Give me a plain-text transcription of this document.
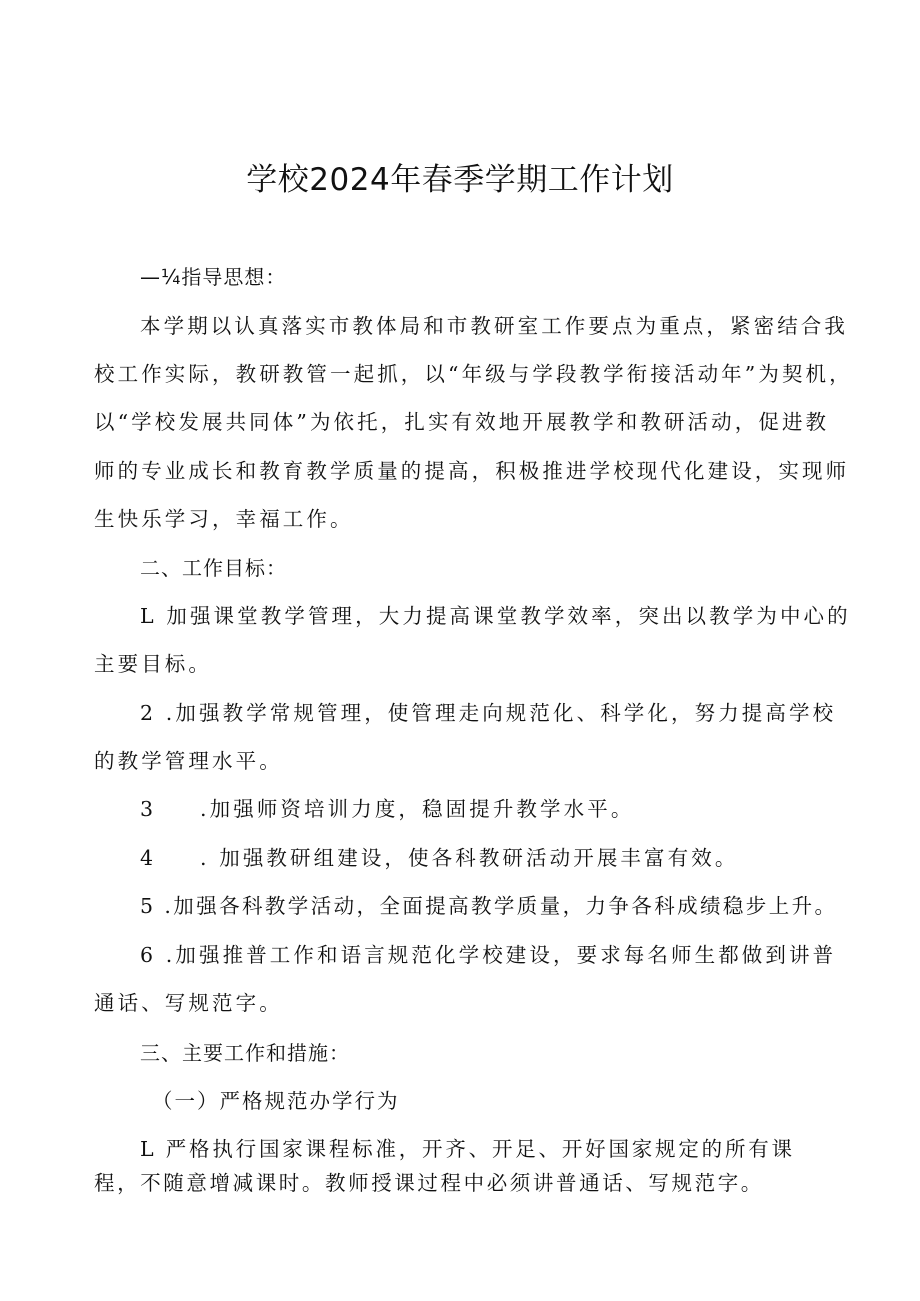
学校2024年春季学期工作计划
—¼指导思想：

本学期以认真落实市教体局和市教研室工作要点为重点，紧密结合我

校工作实际，教研教管一起抓，以“年级与学段教学衔接活动年”为契机，

以“学校发展共同体”为依托，扎实有效地开展教学和教研活动，促进教

师的专业成长和教育教学质量的提高，积极推进学校现代化建设，实现师

生快乐学习，幸福工作。

二、工作目标：

L 加强课堂教学管理，大力提高课堂教学效率，突出以教学为中心的

主要目标。

2 .加强教学常规管理，使管理走向规范化、科学化，努力提高学校

的教学管理水平。

3 .加强师资培训力度，稳固提升教学水平。

4 . 加强教研组建设，使各科教研活动开展丰富有效。

5 .加强各科教学活动，全面提高教学质量，力争各科成绩稳步上升。

6 .加强推普工作和语言规范化学校建设，要求每名师生都做到讲普

通话、写规范字。

三、主要工作和措施：

（一）严格规范办学行为

L 严格执行国家课程标准，开齐、开足、开好国家规定的所有课

程，不随意增减课时。教师授课过程中必须讲普通话、写规范字。
